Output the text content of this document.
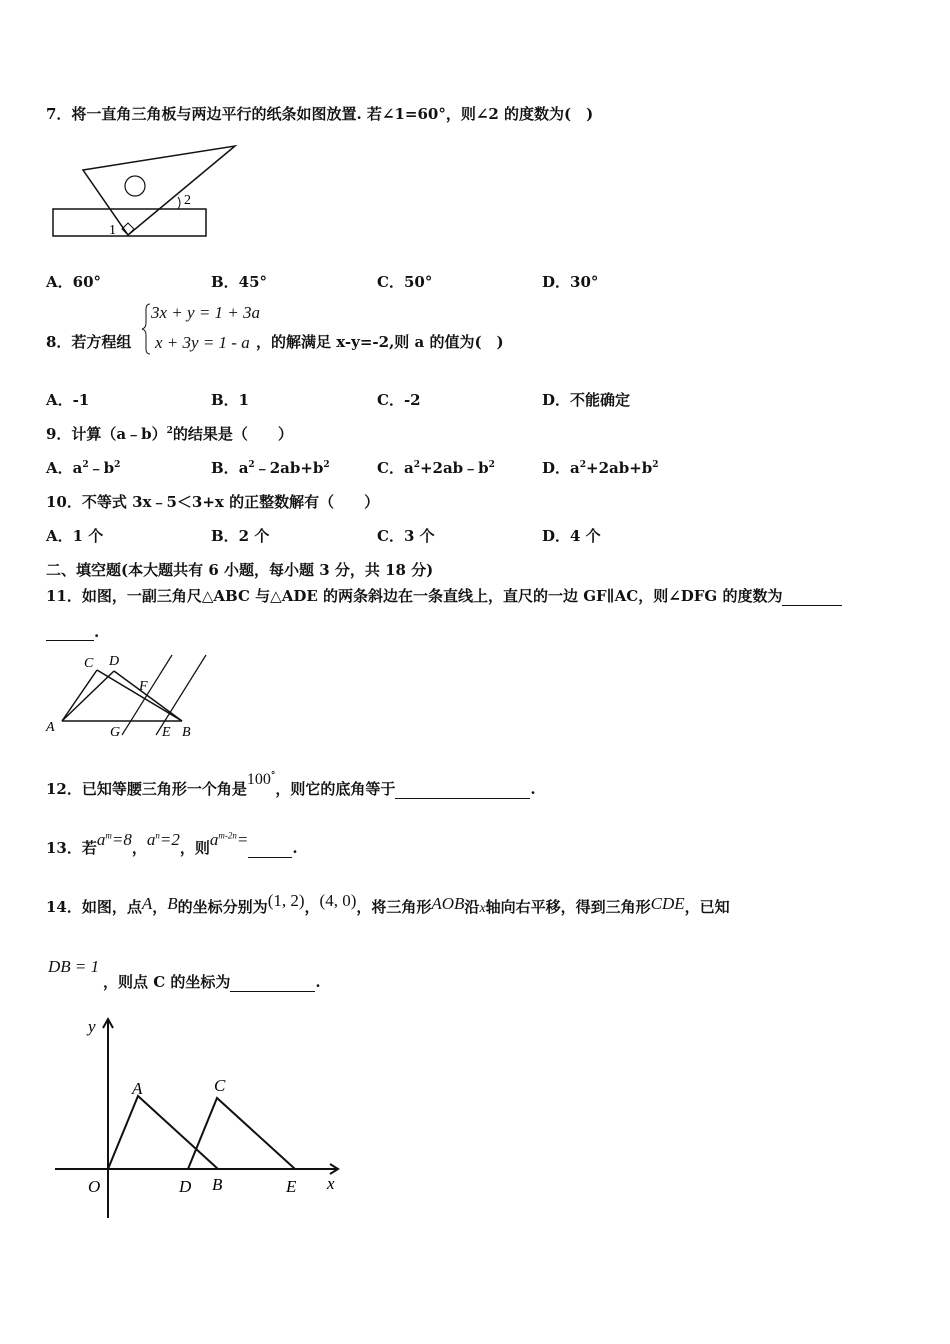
7．将一直角三角板与两边平行的纸条如图放置. 若∠1=60°，则∠2 的度数为(　)
1
2
A．60°	B．45°	C．50°	D．30°
8．若方程组
3x + y = 1 + 3a
x + 3y = 1 - a ，的解满足 x-y=-2,则 a 的值为(　)
A．-1	B．1	C．-2	D．不能确定
9．计算（a﹣b）$^2$的结果是（　　）
A．$a^2﹣b^2$	B．$a^2﹣2ab+b^2$	C．$a^2+2ab﹣b^2$	D．$a^2+2ab+b^2$
10．不等式 3x﹣5＜3+x 的正整数解有（　　）
A．1 个	B．2 个	C．3 个	D．4 个
二、填空题(本大题共有 6 小题，每小题 3 分，共 18 分)
11．如图，一副三角尺△ABC 与△ADE 的两条斜边在一条直线上，直尺的一边 GF∥AC，则∠DFG 的度数为
.
C D
F
A	G	E B
12．已知等腰三角形一个角是100°，则它的底角等于	.
13．若$a^m=8$，$a^n=2$，则$a^{m-2n}=$	.
14．如图，点A，B的坐标分别为(1, 2)，(4, 0)，将三角形AOB沿x轴向右平移，得到三角形CDE，已知
DB = 1
，则点 C 的坐标为	.
y
x
O
A
B
C
D	E
